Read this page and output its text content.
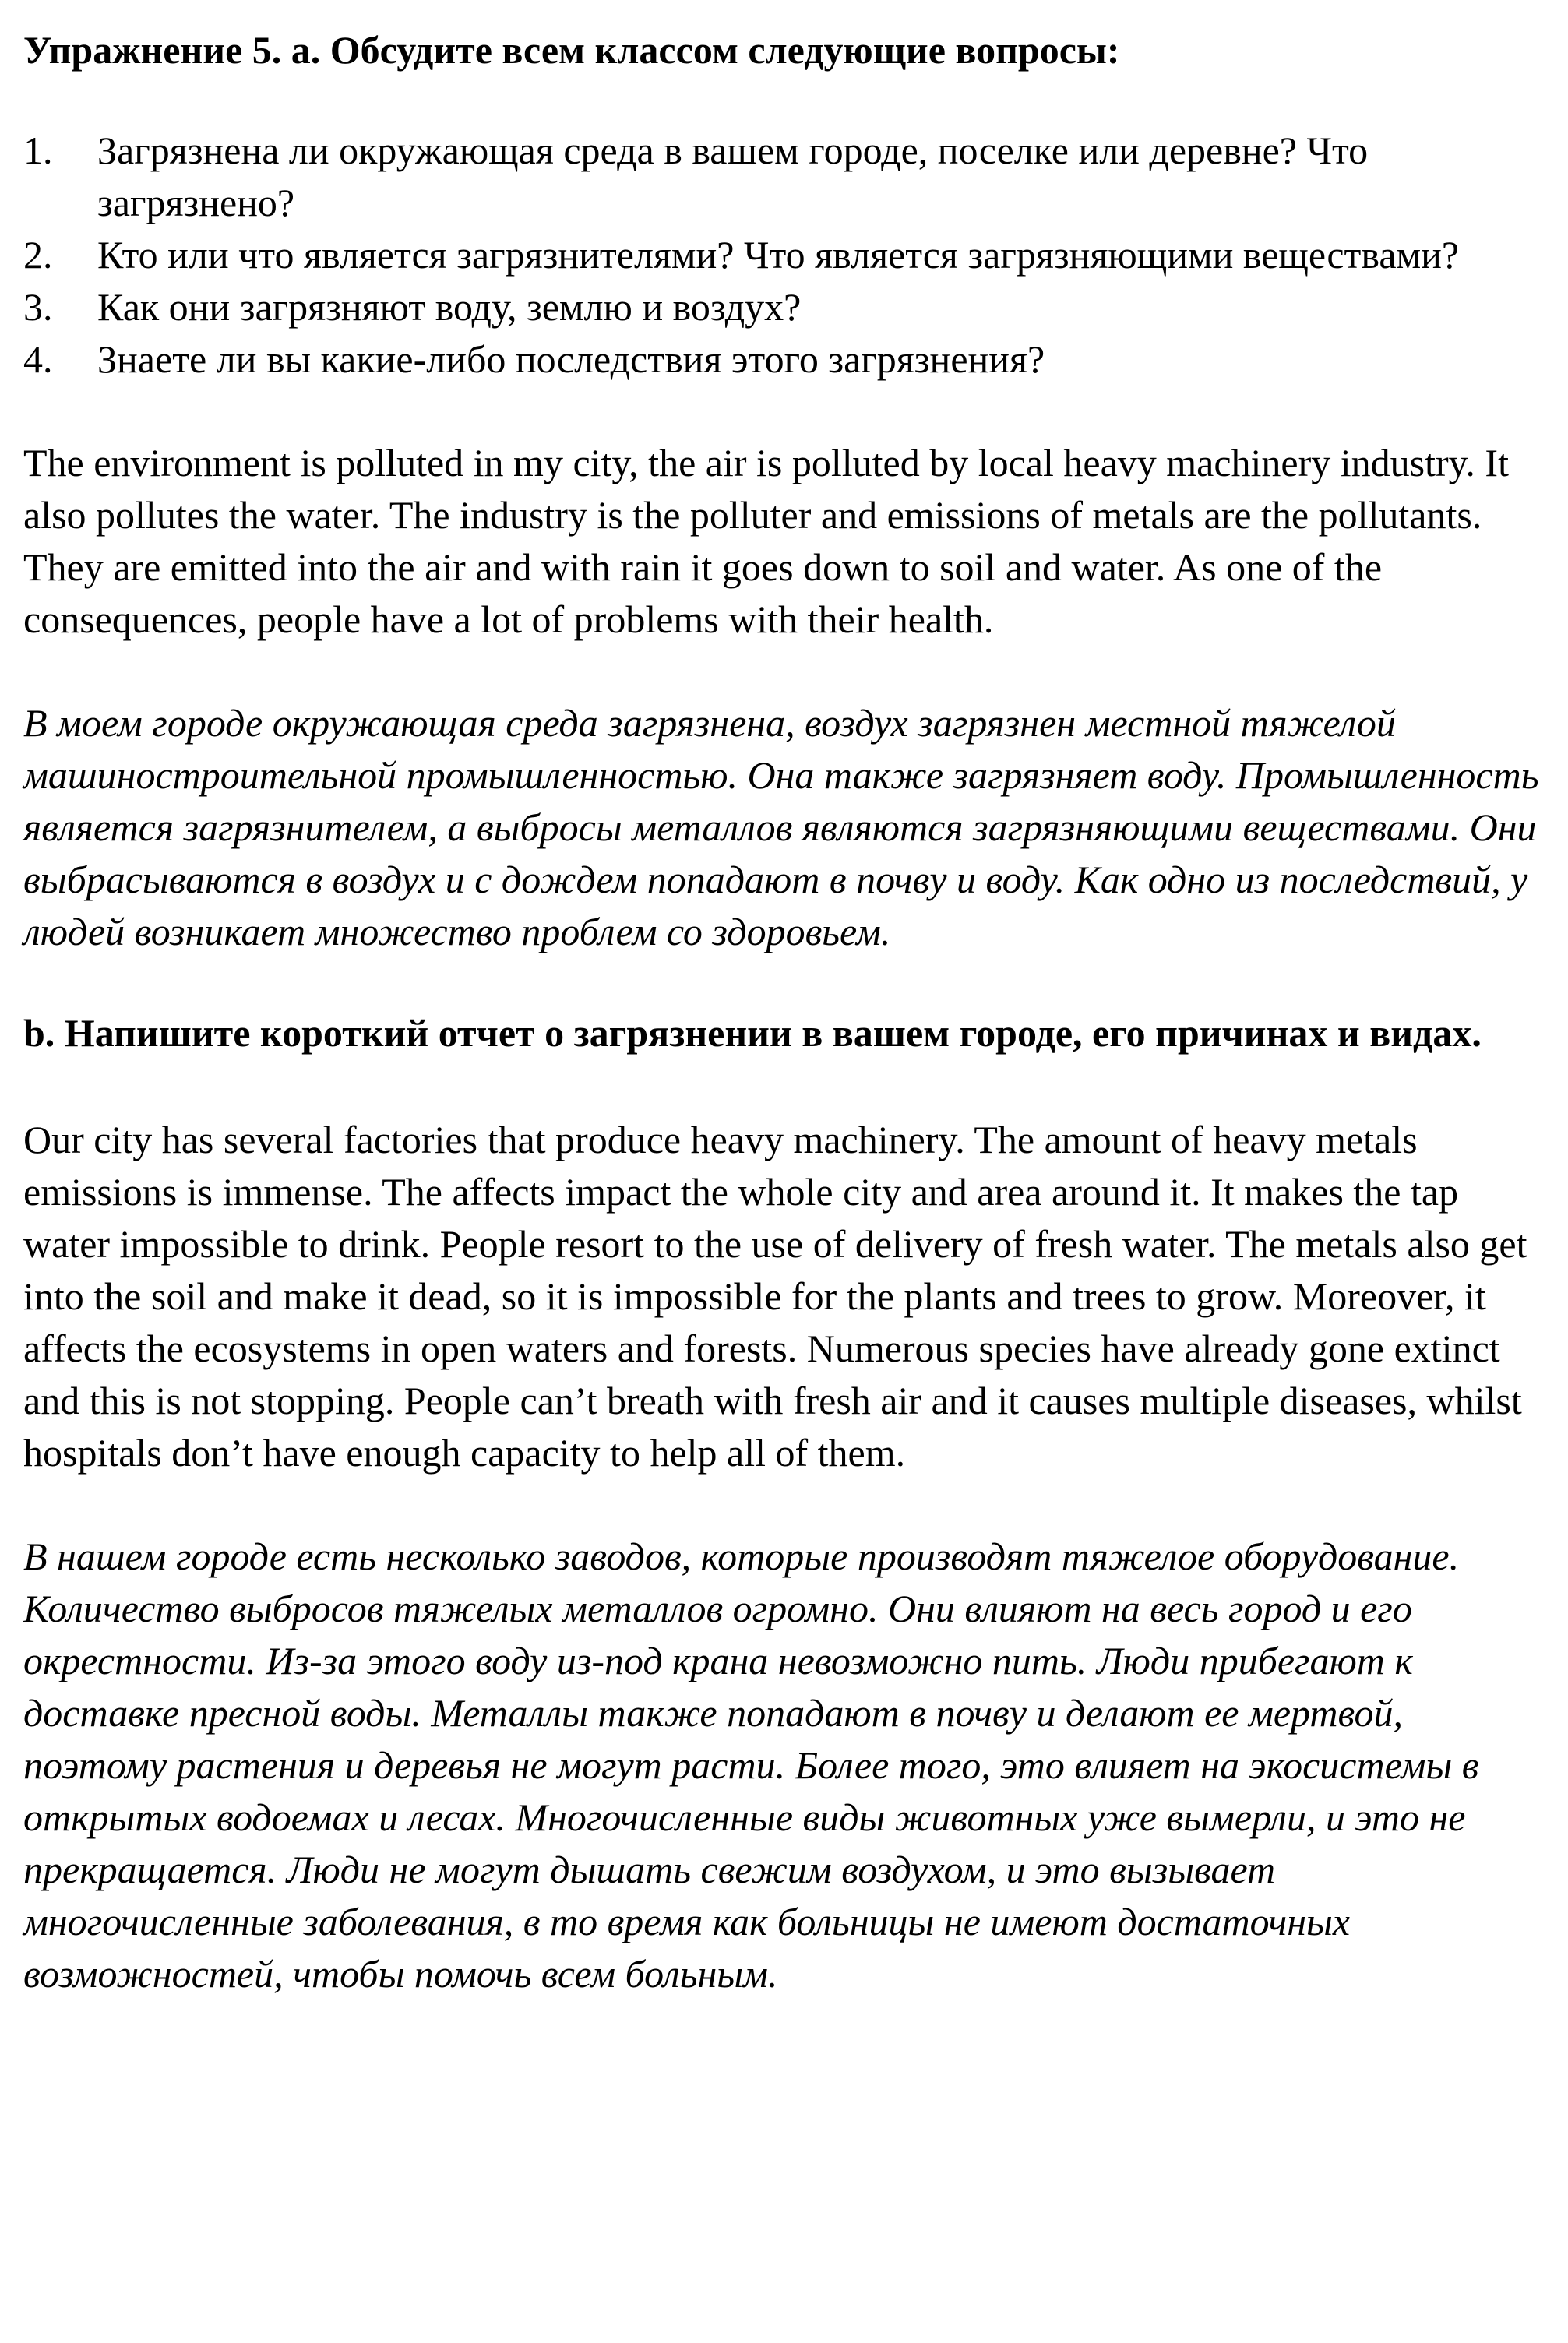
Упражнение 5. a. Обсудите всем классом следующие вопросы:

1. Загрязнена ли окружающая среда в вашем городе, поселке или деревне? Что загрязнено?
2. Кто или что является загрязнителями? Что является загрязняющими веществами?
3. Как они загрязняют воду, землю и воздух?
4. Знаете ли вы какие-либо последствия этого загрязнения?

The environment is polluted in my city, the air is polluted by local heavy machinery industry. It also pollutes the water. The industry is the polluter and emissions of metals are the pollutants. They are emitted into the air and with rain it goes down to soil and water. As one of the consequences, people have a lot of problems with their health.

В моем городе окружающая среда загрязнена, воздух загрязнен местной тяжелой машиностроительной промышленностью. Она также загрязняет воду. Промышленность является загрязнителем, а выбросы металлов являются загрязняющими веществами. Они выбрасываются в воздух и с дождем попадают в почву и воду. Как одно из последствий, у людей возникает множество проблем со здоровьем.

b. Напишите короткий отчет о загрязнении в вашем городе, его причинах и видах.

Our city has several factories that produce heavy machinery. The amount of heavy metals emissions is immense. The affects impact the whole city and area around it. It makes the tap water impossible to drink. People resort to the use of delivery of fresh water. The metals also get into the soil and make it dead, so it is impossible for the plants and trees to grow. Moreover, it affects the ecosystems in open waters and forests. Numerous species have already gone extinct and this is not stopping. People can’t breath with fresh air and it causes multiple diseases, whilst hospitals don’t have enough capacity to help all of them.

В нашем городе есть несколько заводов, которые производят тяжелое оборудование. Количество выбросов тяжелых металлов огромно. Они влияют на весь город и его окрестности. Из-за этого воду из-под крана невозможно пить. Люди прибегают к доставке пресной воды. Металлы также попадают в почву и делают ее мертвой, поэтому растения и деревья не могут расти. Более того, это влияет на экосистемы в открытых водоемах и лесах. Многочисленные виды животных уже вымерли, и это не прекращается. Люди не могут дышать свежим воздухом, и это вызывает многочисленные заболевания, в то время как больницы не имеют достаточных возможностей, чтобы помочь всем больным.
